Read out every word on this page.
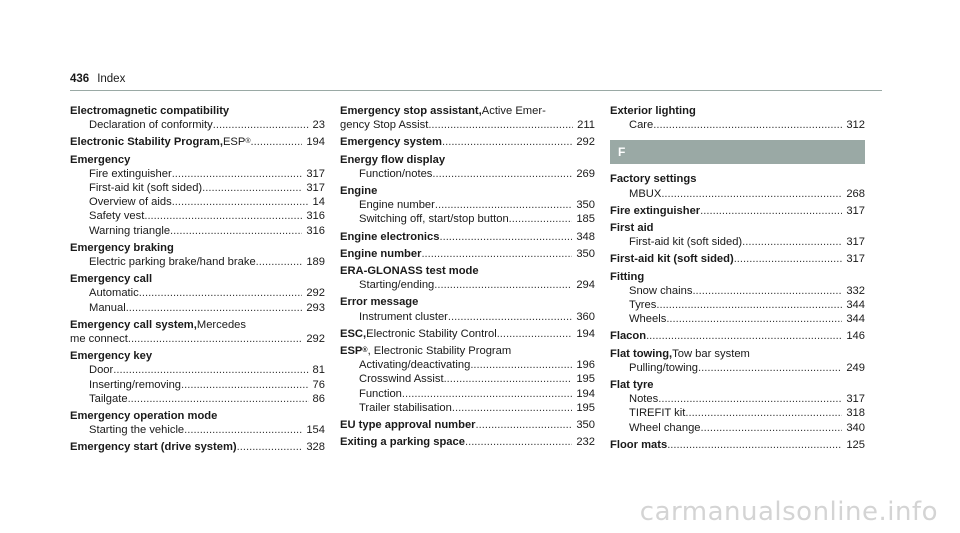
436 Index
Electromagnetic compatibility
Declaration of conformity .....	23
Electronic Stability Program, ESP ® .....	194
Emergency
Fire extinguisher .....	317
First-aid kit (soft sided) .....	317
Overview of aids .....	14
Safety vest .....	316
Warning triangle .....	316
Emergency braking
Electric parking brake/hand brake .....	189
Emergency call
Automatic .....	292
Manual .....	293
Emergency call system, Mercedes
me connect .....	292
Emergency key
Door .....	81
Inserting/removing .....	76
Tailgate .....	86
Emergency operation mode
Starting the vehicle .....	154
Emergency start (drive system) .....	328
Emergency stop assistant, Active Emer-
gency Stop Assist .....	211
Emergency system .....	292
Energy flow display
Function/notes .....	269
Engine
Engine number .....	350
Switching off, start/stop button .....	185
Engine electronics .....	348
Engine number .....	350
ERA-GLONASS test mode
Starting/ending .....	294
Error message
Instrument cluster .....	360
ESC, Electronic Stability Control .....	194
ESP ® , Electronic Stability Program
Activating/deactivating .....	196
Crosswind Assist .....	195
Function .....	194
Trailer stabilisation .....	195
EU type approval number .....	350
Exiting a parking space .....	232
Exterior lighting
Care .....	312
F
Factory settings
MBUX .....	268
Fire extinguisher .....	317
First aid
First-aid kit (soft sided) .....	317
First-aid kit (soft sided) .....	317
Fitting
Snow chains .....	332
Tyres .....	344
Wheels .....	344
Flacon .....	146
Flat towing, Tow bar system
Pulling/towing .....	249
Flat tyre
Notes .....	317
TIREFIT kit .....	318
Wheel change .....	340
Floor mats .....	125
carmanualsonline.info
